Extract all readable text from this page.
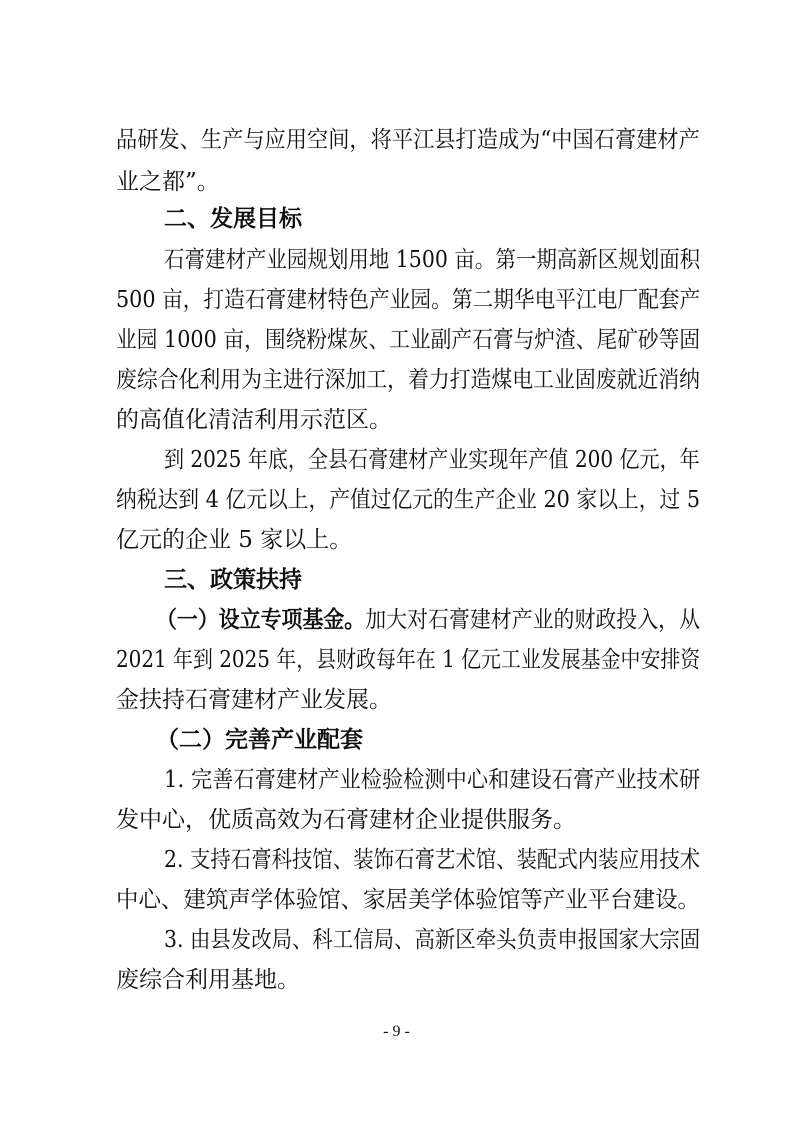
品研发、生产与应用空间，将平江县打造成为“中国石膏建材产
业之都”。
二、发展目标
石膏建材产业园规划用地 1500 亩。第一期高新区规划面积
500 亩，打造石膏建材特色产业园。第二期华电平江电厂配套产
业园 1000 亩，围绕粉煤灰、工业副产石膏与炉渣、尾矿砂等固
废综合化利用为主进行深加工，着力打造煤电工业固废就近消纳
的高值化清洁利用示范区。
到 2025 年底，全县石膏建材产业实现年产值 200 亿元，年
纳税达到 4 亿元以上，产值过亿元的生产企业 20 家以上，过 5
亿元的企业 5 家以上。
三、政策扶持
（一）设立专项基金。加大对石膏建材产业的财政投入，从
2021 年到 2025 年，县财政每年在 1 亿元工业发展基金中安排资
金扶持石膏建材产业发展。
（二）完善产业配套
1. 完善石膏建材产业检验检测中心和建设石膏产业技术研
发中心，优质高效为石膏建材企业提供服务。
2. 支持石膏科技馆、装饰石膏艺术馆、装配式内装应用技术
中心、建筑声学体验馆、家居美学体验馆等产业平台建设。
3. 由县发改局、科工信局、高新区牵头负责申报国家大宗固
废综合利用基地。
- 9 -
